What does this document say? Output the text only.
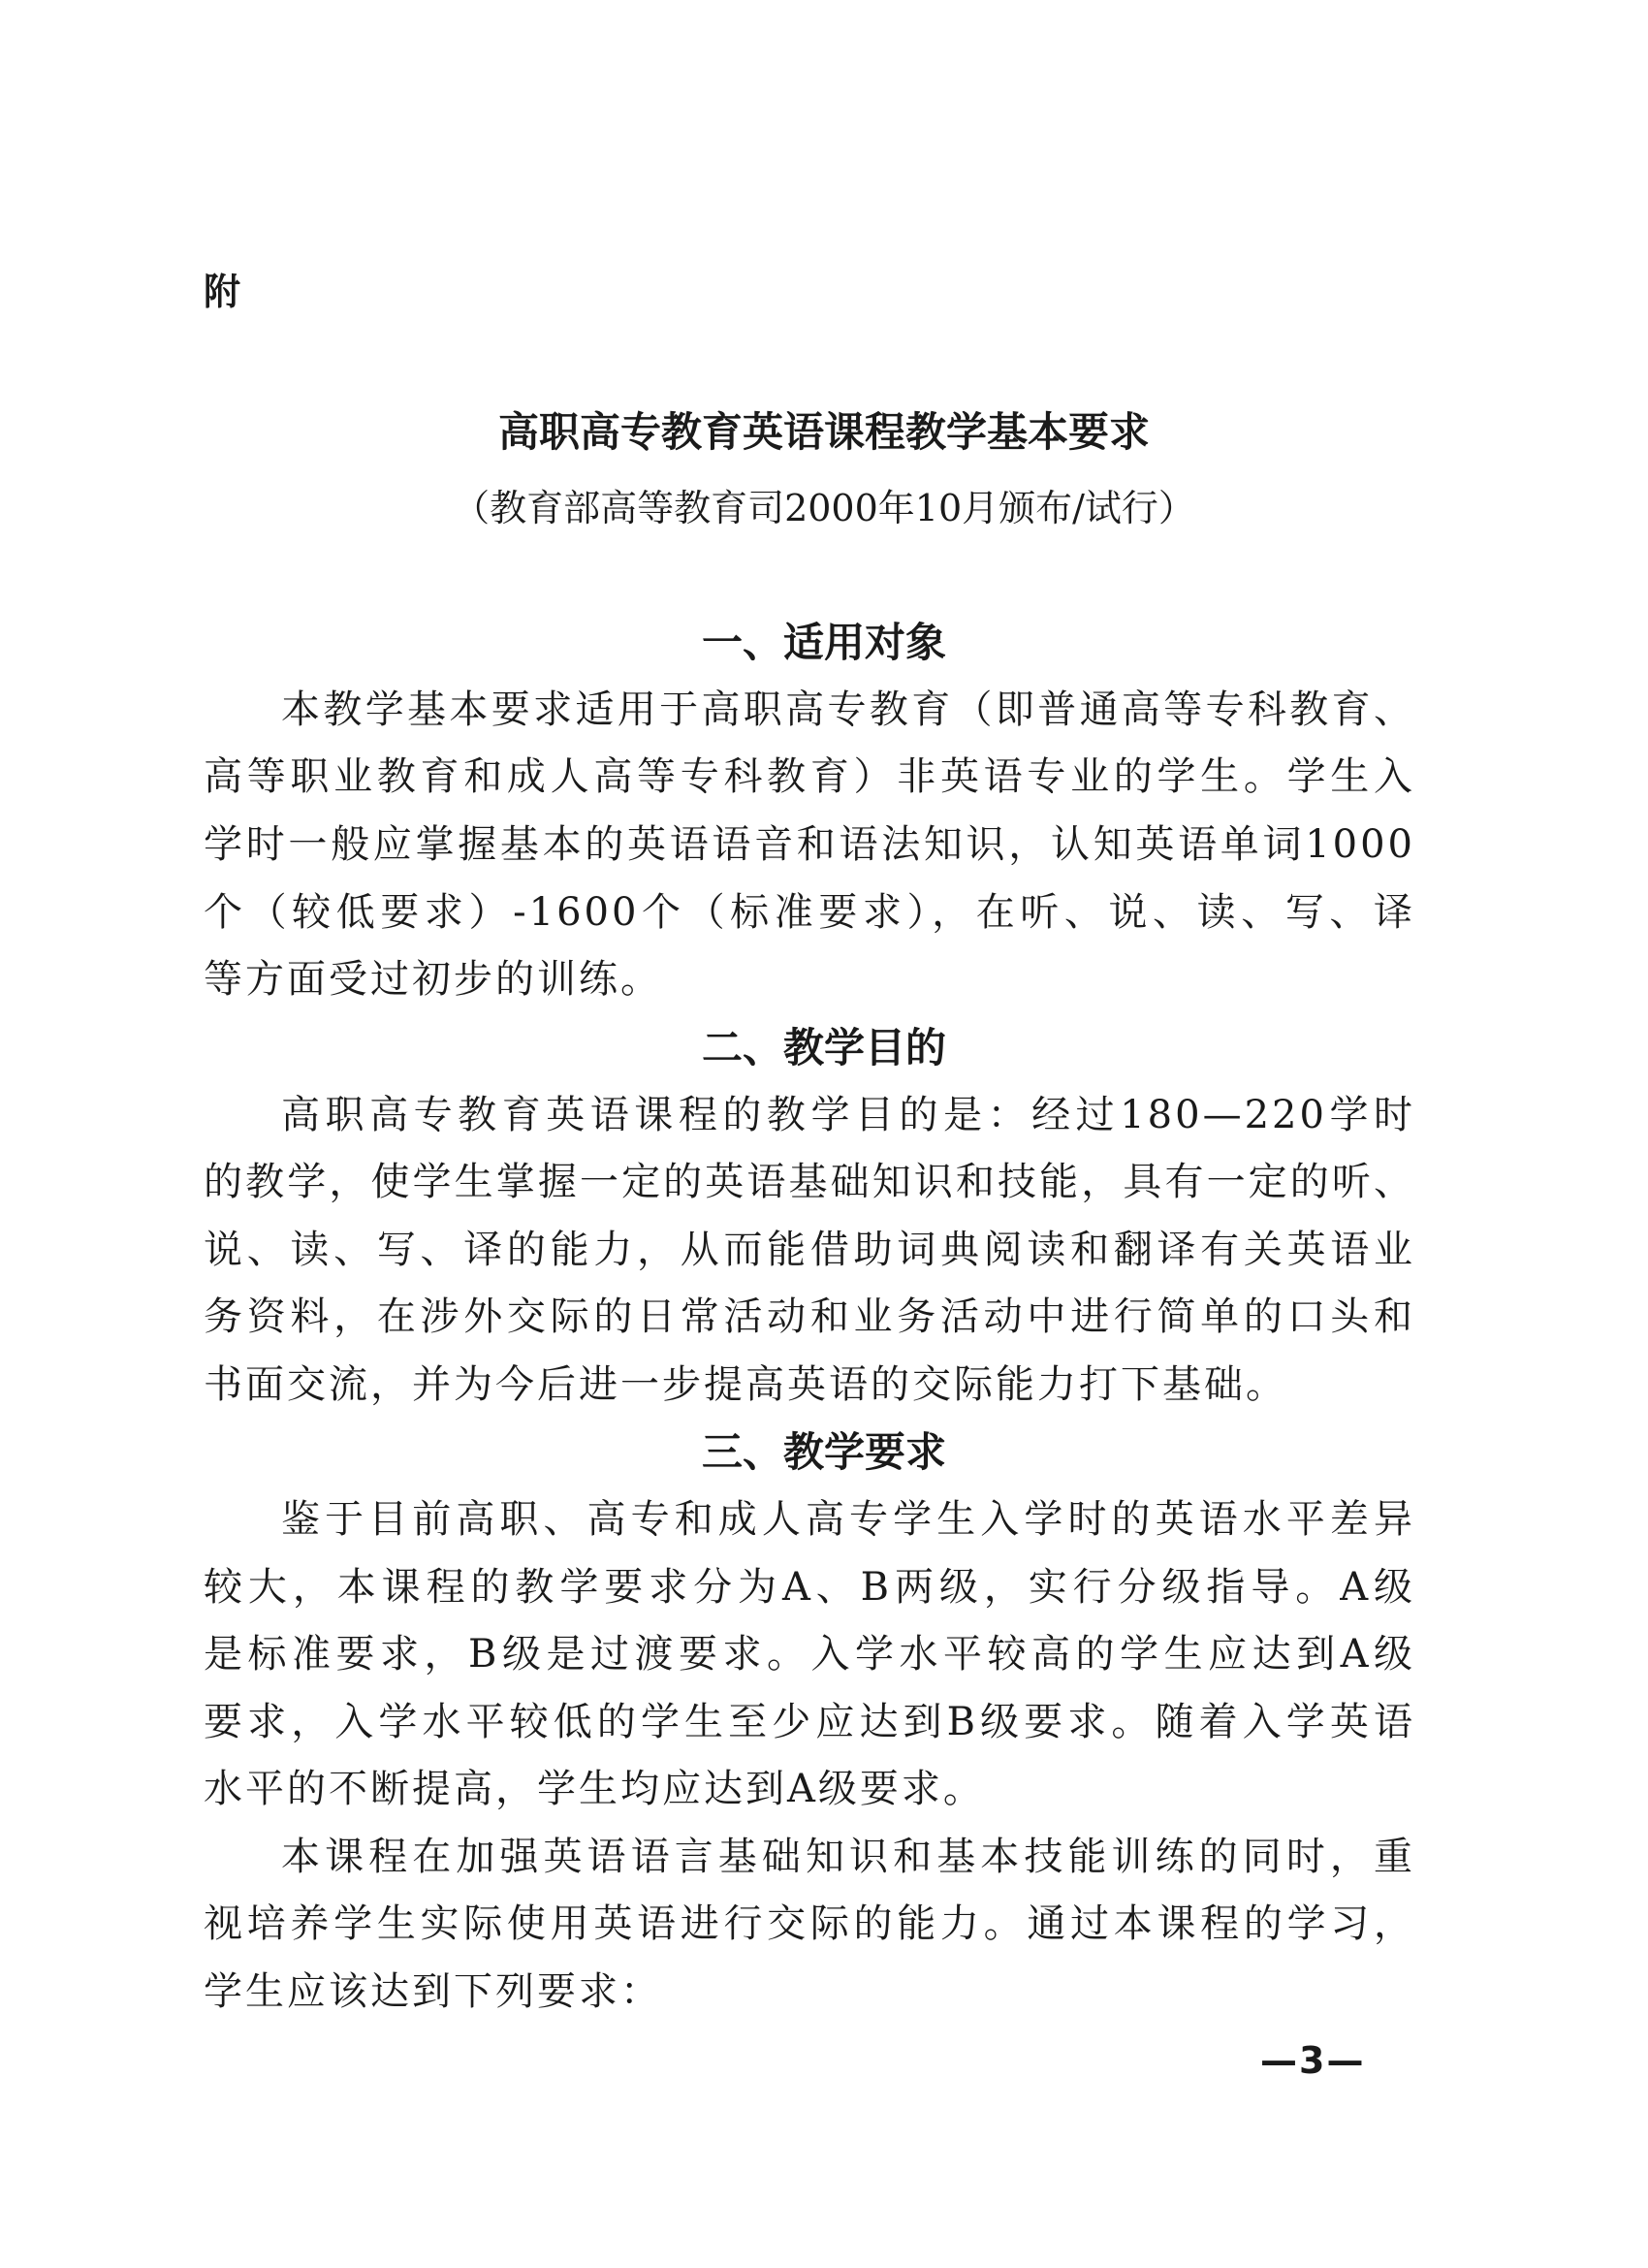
附
高职高专教育英语课程教学基本要求
（教育部高等教育司2000年10月颁布/试行）
一、适用对象
本教学基本要求适用于高职高专教育（即普通高等专科教育、
高等职业教育和成人高等专科教育）非英语专业的学生。学生入
学时一般应掌握基本的英语语音和语法知识，认知英语单词1000
个（较低要求）-1600个（标准要求），在听、说、读、写、译
等方面受过初步的训练。
二、教学目的
高职高专教育英语课程的教学目的是：经过180—220学时
的教学，使学生掌握一定的英语基础知识和技能，具有一定的听、
说、读、写、译的能力，从而能借助词典阅读和翻译有关英语业
务资料，在涉外交际的日常活动和业务活动中进行简单的口头和
书面交流，并为今后进一步提高英语的交际能力打下基础。
三、教学要求
鉴于目前高职、高专和成人高专学生入学时的英语水平差异
较大，本课程的教学要求分为A、B两级，实行分级指导。A级
是标准要求，B级是过渡要求。入学水平较高的学生应达到A级
要求，入学水平较低的学生至少应达到B级要求。随着入学英语
水平的不断提高，学生均应达到A级要求。
本课程在加强英语语言基础知识和基本技能训练的同时，重
视培养学生实际使用英语进行交际的能力。通过本课程的学习，
学生应该达到下列要求：
—3—
